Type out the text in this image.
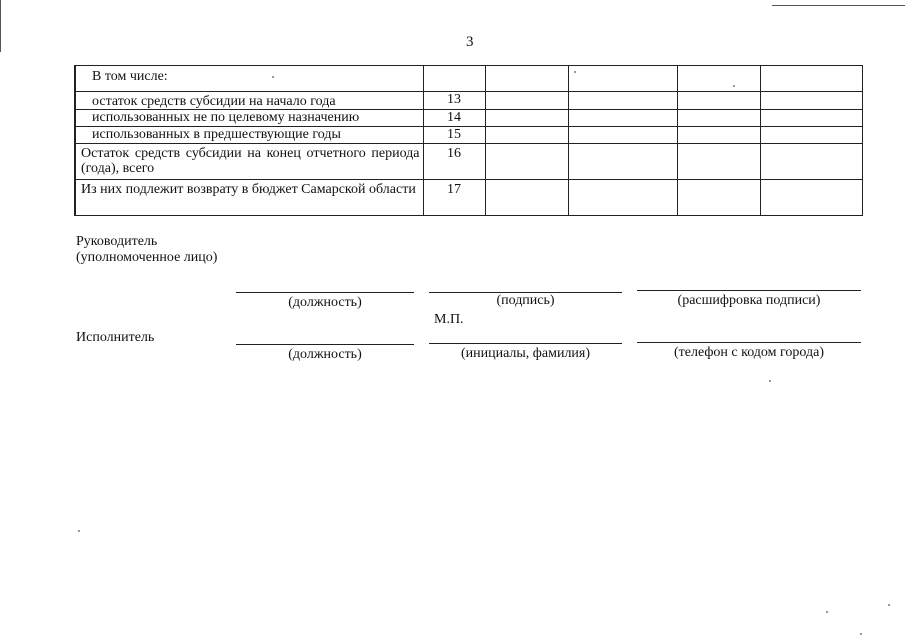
3
В том числе:					
остаток средств субсидии на начало года	13				
использованных не по целевому назначению	14				
использованных в предшествующие годы	15				
Остаток средств субсидии на конец отчетного периода (года), всего	16				
Из них подлежит возврату в бюджет Самарской области	17				
Руководитель
(уполномоченное лицо)
(должность)	(подпись)	(расшифровка подписи)
М.П.
Исполнитель
(должность)	(инициалы, фамилия)	(телефон с кодом города)
